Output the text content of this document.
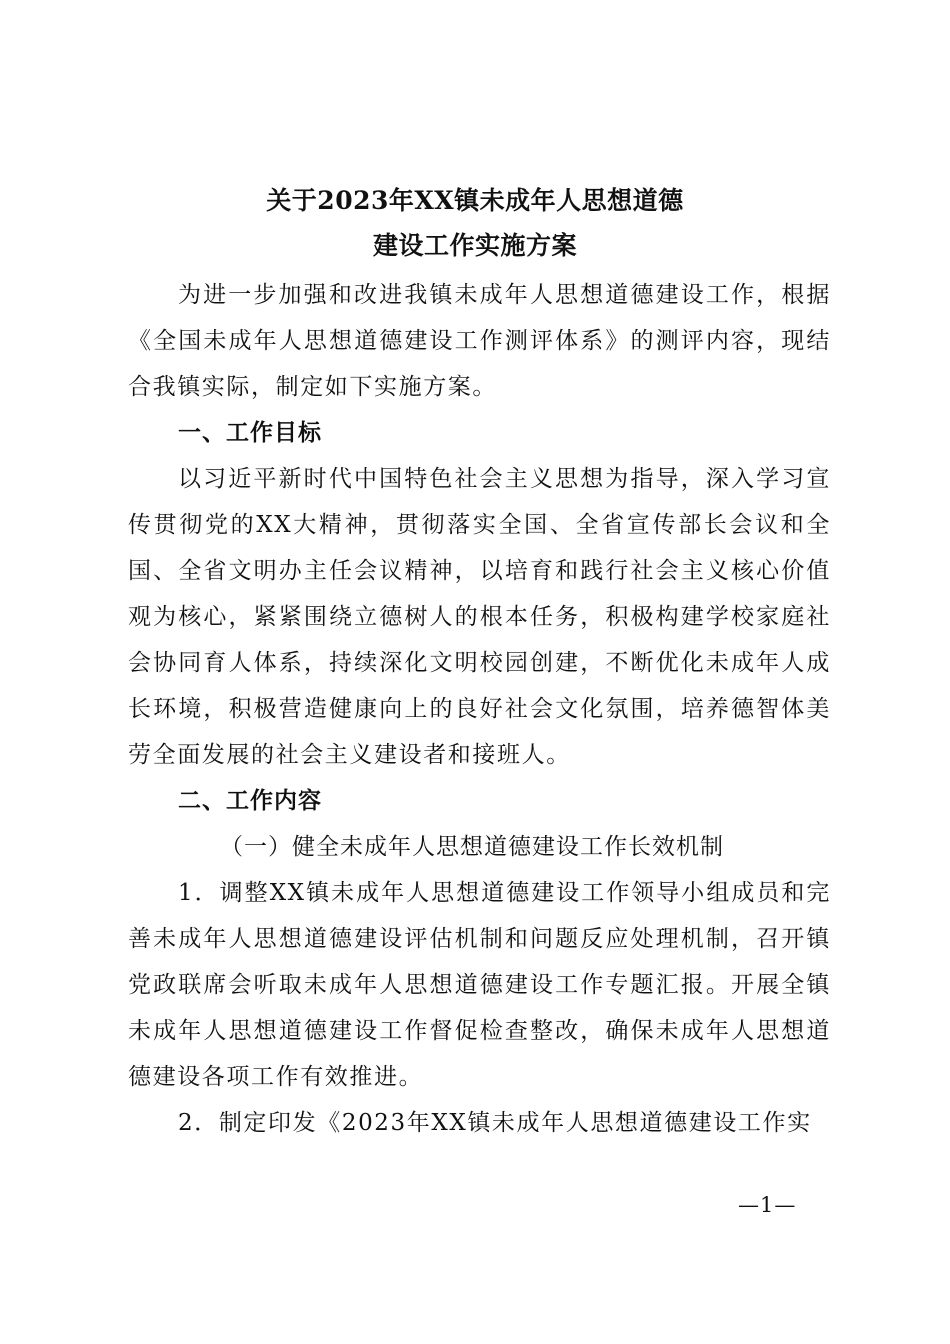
关于2023年XX镇未成年人思想道德
建设工作实施方案
为进一步加强和改进我镇未成年人思想道德建设工作，根据《全国未成年人思想道德建设工作测评体系》的测评内容，现结合我镇实际，制定如下实施方案。
一、工作目标
以习近平新时代中国特色社会主义思想为指导，深入学习宣传贯彻党的XX大精神，贯彻落实全国、全省宣传部长会议和全国、全省文明办主任会议精神，以培育和践行社会主义核心价值观为核心，紧紧围绕立德树人的根本任务，积极构建学校家庭社会协同育人体系，持续深化文明校园创建，不断优化未成年人成长环境，积极营造健康向上的良好社会文化氛围，培养德智体美劳全面发展的社会主义建设者和接班人。
二、工作内容
（一）健全未成年人思想道德建设工作长效机制
1．调整XX镇未成年人思想道德建设工作领导小组成员和完善未成年人思想道德建设评估机制和问题反应处理机制，召开镇党政联席会听取未成年人思想道德建设工作专题汇报。开展全镇未成年人思想道德建设工作督促检查整改，确保未成年人思想道德建设各项工作有效推进。
2．制定印发《2023年XX镇未成年人思想道德建设工作实
—1—
